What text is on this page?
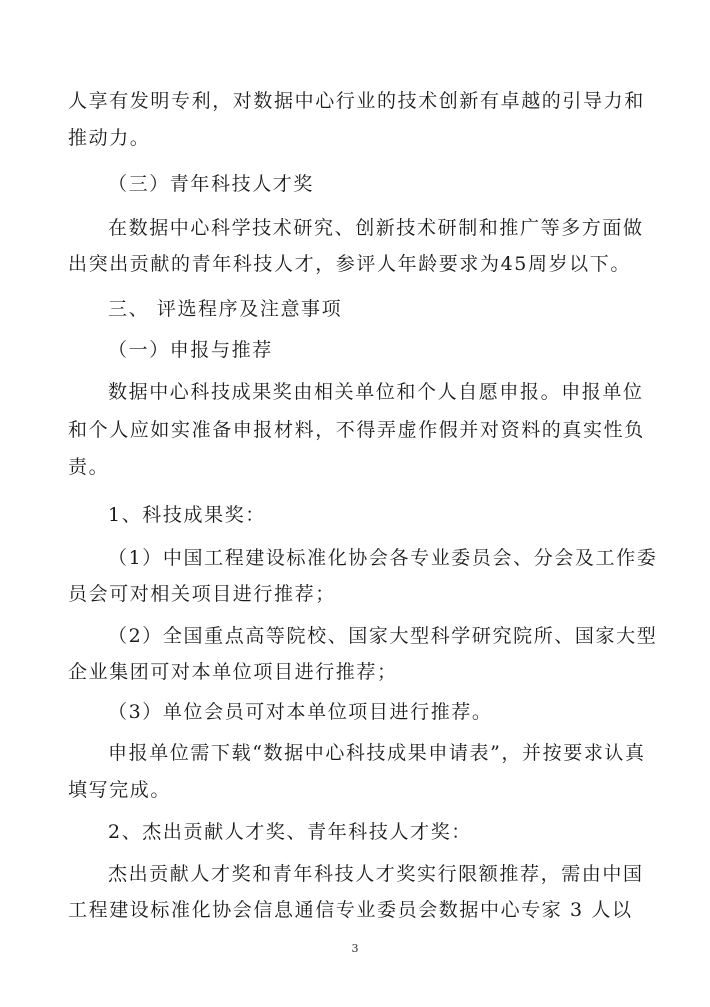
人享有发明专利，对数据中心行业的技术创新有卓越的引导力和
推动力。
（三）青年科技人才奖
在数据中心科学技术研究、创新技术研制和推广等多方面做
出突出贡献的青年科技人才，参评人年龄要求为45周岁以下。
三、 评选程序及注意事项
（一）申报与推荐
数据中心科技成果奖由相关单位和个人自愿申报。申报单位
和个人应如实准备申报材料，不得弄虚作假并对资料的真实性负
责。
1、科技成果奖：
（1）中国工程建设标准化协会各专业委员会、分会及工作委
员会可对相关项目进行推荐；
（2）全国重点高等院校、国家大型科学研究院所、国家大型
企业集团可对本单位项目进行推荐；
（3）单位会员可对本单位项目进行推荐。
申报单位需下载“数据中心科技成果申请表”，并按要求认真
填写完成。
2、杰出贡献人才奖、青年科技人才奖：
杰出贡献人才奖和青年科技人才奖实行限额推荐，需由中国
工程建设标准化协会信息通信专业委员会数据中心专家 3 人以
3
